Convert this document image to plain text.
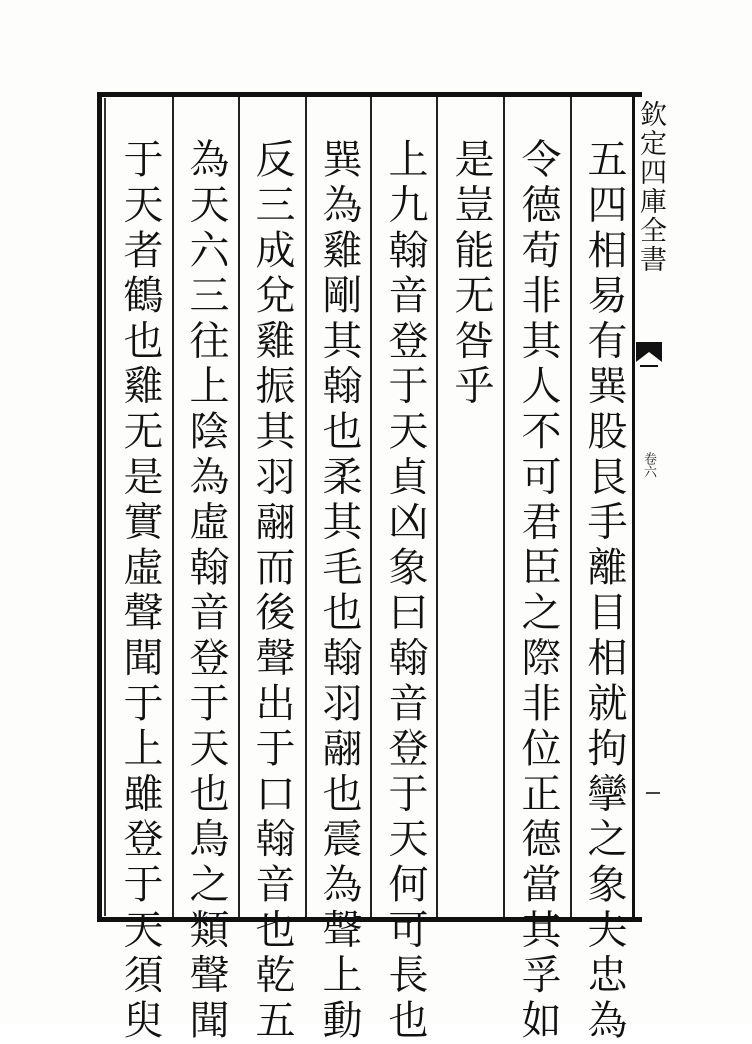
欽定四庫全書
卷六
五四相易有巽股艮手離目相就拘攣之象夫忠為
令德苟非其人不可君臣之際非位正德當其孚如
是豈能无咎乎
上九翰音登于天貞凶象曰翰音登于天何可長也
巽為雞剛其翰也柔其毛也翰羽翮也震為聲上動
反三成兌雞振其羽翮而後聲出于口翰音也乾五
為天六三往上陰為虛翰音登于天也鳥之類聲聞
于天者鶴也雞无是實虛聲聞于上雖登于天須臾
